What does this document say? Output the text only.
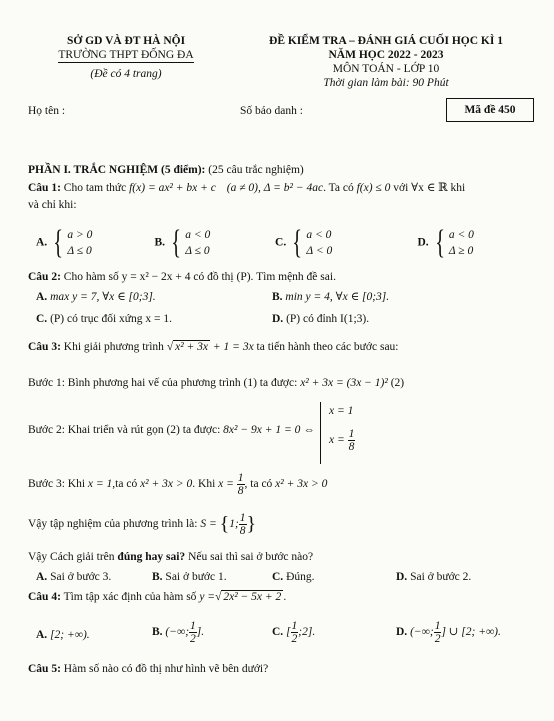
SỞ GD VÀ ĐT HÀ NỘI
TRƯỜNG THPT ĐỐNG ĐA
(Đề có 4 trang)
ĐỀ KIỂM TRA – ĐÁNH GIÁ CUỐI HỌC KÌ 1
NĂM HỌC 2022 - 2023
MÔN TOÁN - LỚP 10
Thời gian làm bài: 90 Phút
Họ tên :	Số báo danh :	Mã đề 450
PHẦN I. TRẮC NGHIỆM (5 điểm): (25 câu trắc nghiệm)
Câu 1: Cho tam thức f(x) = ax² + bx + c (a ≠ 0), Δ = b² − 4ac. Ta có f(x) ≤ 0 với ∀x ∈ ℝ khi
và chỉ khi:
A. { a > 0
Δ ≤ 0
B. { a < 0
Δ ≤ 0
C. { a < 0
Δ < 0
D. { a < 0
Δ ≥ 0
Câu 2: Cho hàm số y = x² − 2x + 4 có đồ thị (P). Tìm mệnh đề sai.
A. max y = 7, ∀x ∈ [0;3].	B. min y = 4, ∀x ∈ [0;3].
C. (P) có trục đối xứng x = 1.	D. (P) có đỉnh I(1;3).
Câu 3: Khi giải phương trình √ x² + 3x + 1 = 3x ta tiến hành theo các bước sau:
Bước 1: Bình phương hai vế của phương trình (1) ta được: x² + 3x = (3x − 1)² (2)
Bước 2: Khai triển và rút gọn (2) ta được: 8x² − 9x + 1 = 0 ⇔
x = 1
$x = \frac{1}{8}$
Bước 3: Khi x = 1,ta có x² + 3x > 0. Khi $x = \frac{1}{8}$ , ta có x² + 3x > 0
Vậy tập nghiệm của phương trình là: S = {1; $\frac{1}{8}$ }
Vậy Cách giải trên đúng hay sai? Nếu sai thì sai ở bước nào?
A. Sai ở bước 3.	B. Sai ở bước 1.	C. Đúng.	D. Sai ở bước 2.
Câu 4: Tìm tập xác định của hàm số y =√ 2x² − 5x + 2 .
A. [2; +∞).	B. (−∞; $\frac{1}{2}$ ].	C. [ $\frac{1}{2}$ ;2].	D. (−∞; $\frac{1}{2}$ ] ∪ [2; +∞).
Câu 5: Hàm số nào có đồ thị như hình vẽ bên dưới?
